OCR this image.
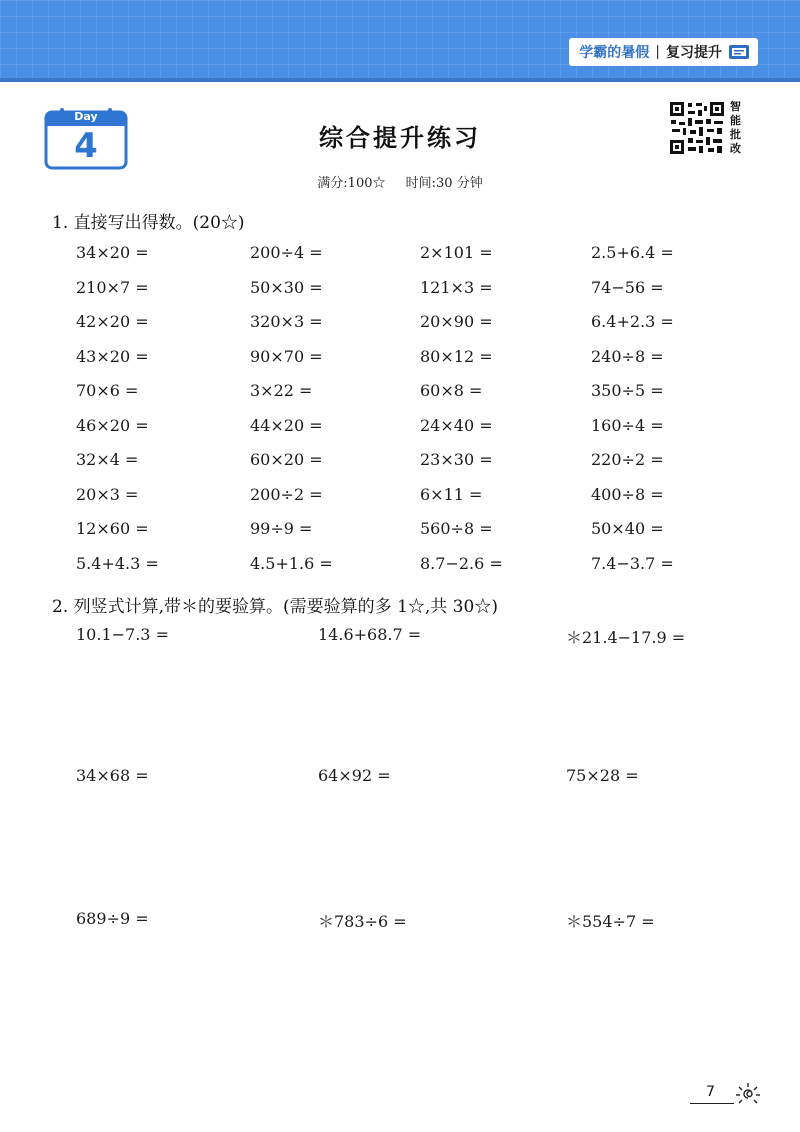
学霸的暑假 | 复习提升
Day
4	综合提升练习
满分:100☆ 时间:30 分钟
智
能
批
改
1. 直接写出得数。(20☆)
34×20 =	200÷4 =	2×101 =	2.5+6.4 =
210×7 =	50×30 =	121×3 =	74−56 =
42×20 =	320×3 =	20×90 =	6.4+2.3 =
43×20 =	90×70 =	80×12 =	240÷8 =
70×6 =	3×22 =	60×8 =	350÷5 =
46×20 =	44×20 =	24×40 =	160÷4 =
32×4 =	60×20 =	23×30 =	220÷2 =
20×3 =	200÷2 =	6×11 =	400÷8 =
12×60 =	99÷9 =	560÷8 =	50×40 =
5.4+4.3 =	4.5+1.6 =	8.7−2.6 =	7.4−3.7 =
2. 列竖式计算,带＊的要验算。(需要验算的多 1☆,共 30☆)
10.1−7.3 =	14.6+68.7 =	＊21.4−17.9 =
34×68 =	64×92 =	75×28 =
689÷9 =	＊783÷6 =	＊554÷7 =
7
